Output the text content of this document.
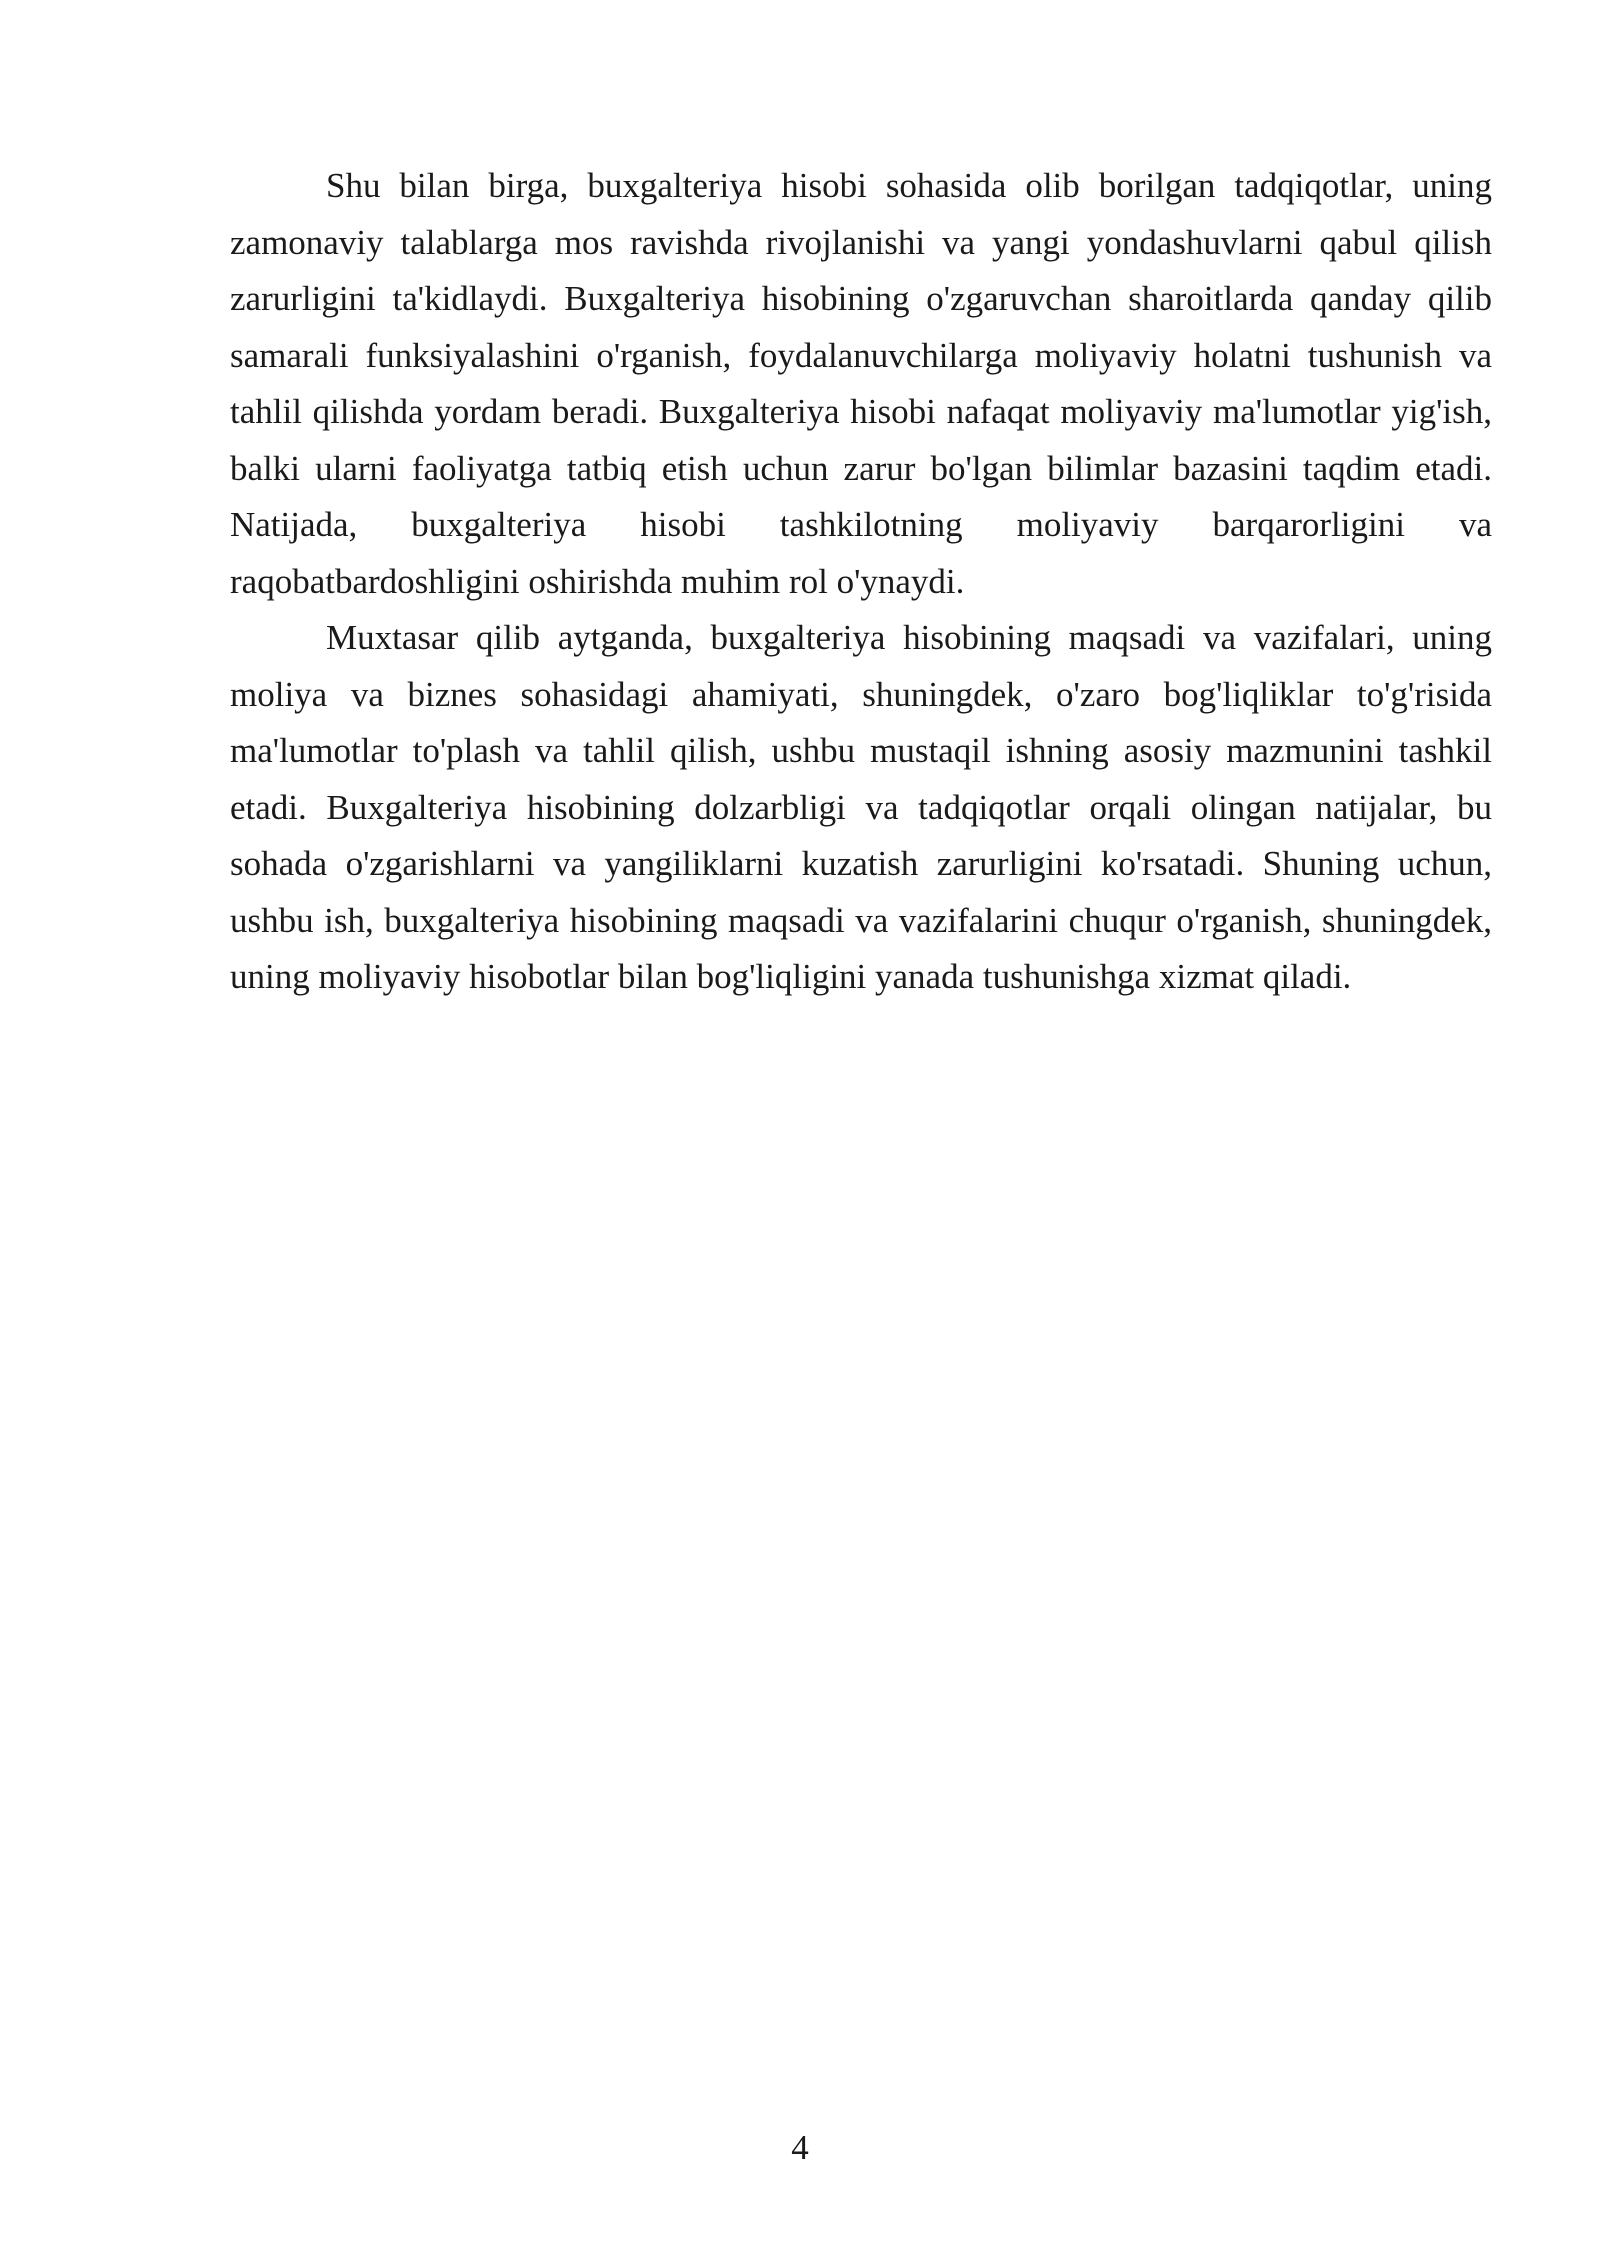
Shu bilan birga, buxgalteriya hisobi sohasida olib borilgan tadqiqotlar, uning zamonaviy talablarga mos ravishda rivojlanishi va yangi yondashuvlarni qabul qilish zarurligini ta'kidlaydi. Buxgalteriya hisobining o'zgaruvchan sharoitlarda qanday qilib samarali funksiyalashini o'rganish, foydalanuvchilarga moliyaviy holatni tushunish va tahlil qilishda yordam beradi. Buxgalteriya hisobi nafaqat moliyaviy ma'lumotlar yig'ish, balki ularni faoliyatga tatbiq etish uchun zarur bo'lgan bilimlar bazasini taqdim etadi. Natijada, buxgalteriya hisobi tashkilotning moliyaviy barqarorligini va raqobatbardoshligini oshirishda muhim rol o'ynaydi.

Muxtasar qilib aytganda, buxgalteriya hisobining maqsadi va vazifalari, uning moliya va biznes sohasidagi ahamiyati, shuningdek, o'zaro bog'liqliklar to'g'risida ma'lumotlar to'plash va tahlil qilish, ushbu mustaqil ishning asosiy mazmunini tashkil etadi. Buxgalteriya hisobining dolzarbligi va tadqiqotlar orqali olingan natijalar, bu sohada o'zgarishlarni va yangiliklarni kuzatish zarurligini ko'rsatadi. Shuning uchun, ushbu ish, buxgalteriya hisobining maqsadi va vazifalarini chuqur o'rganish, shuningdek, uning moliyaviy hisobotlar bilan bog'liqligini yanada tushunishga xizmat qiladi.

4
